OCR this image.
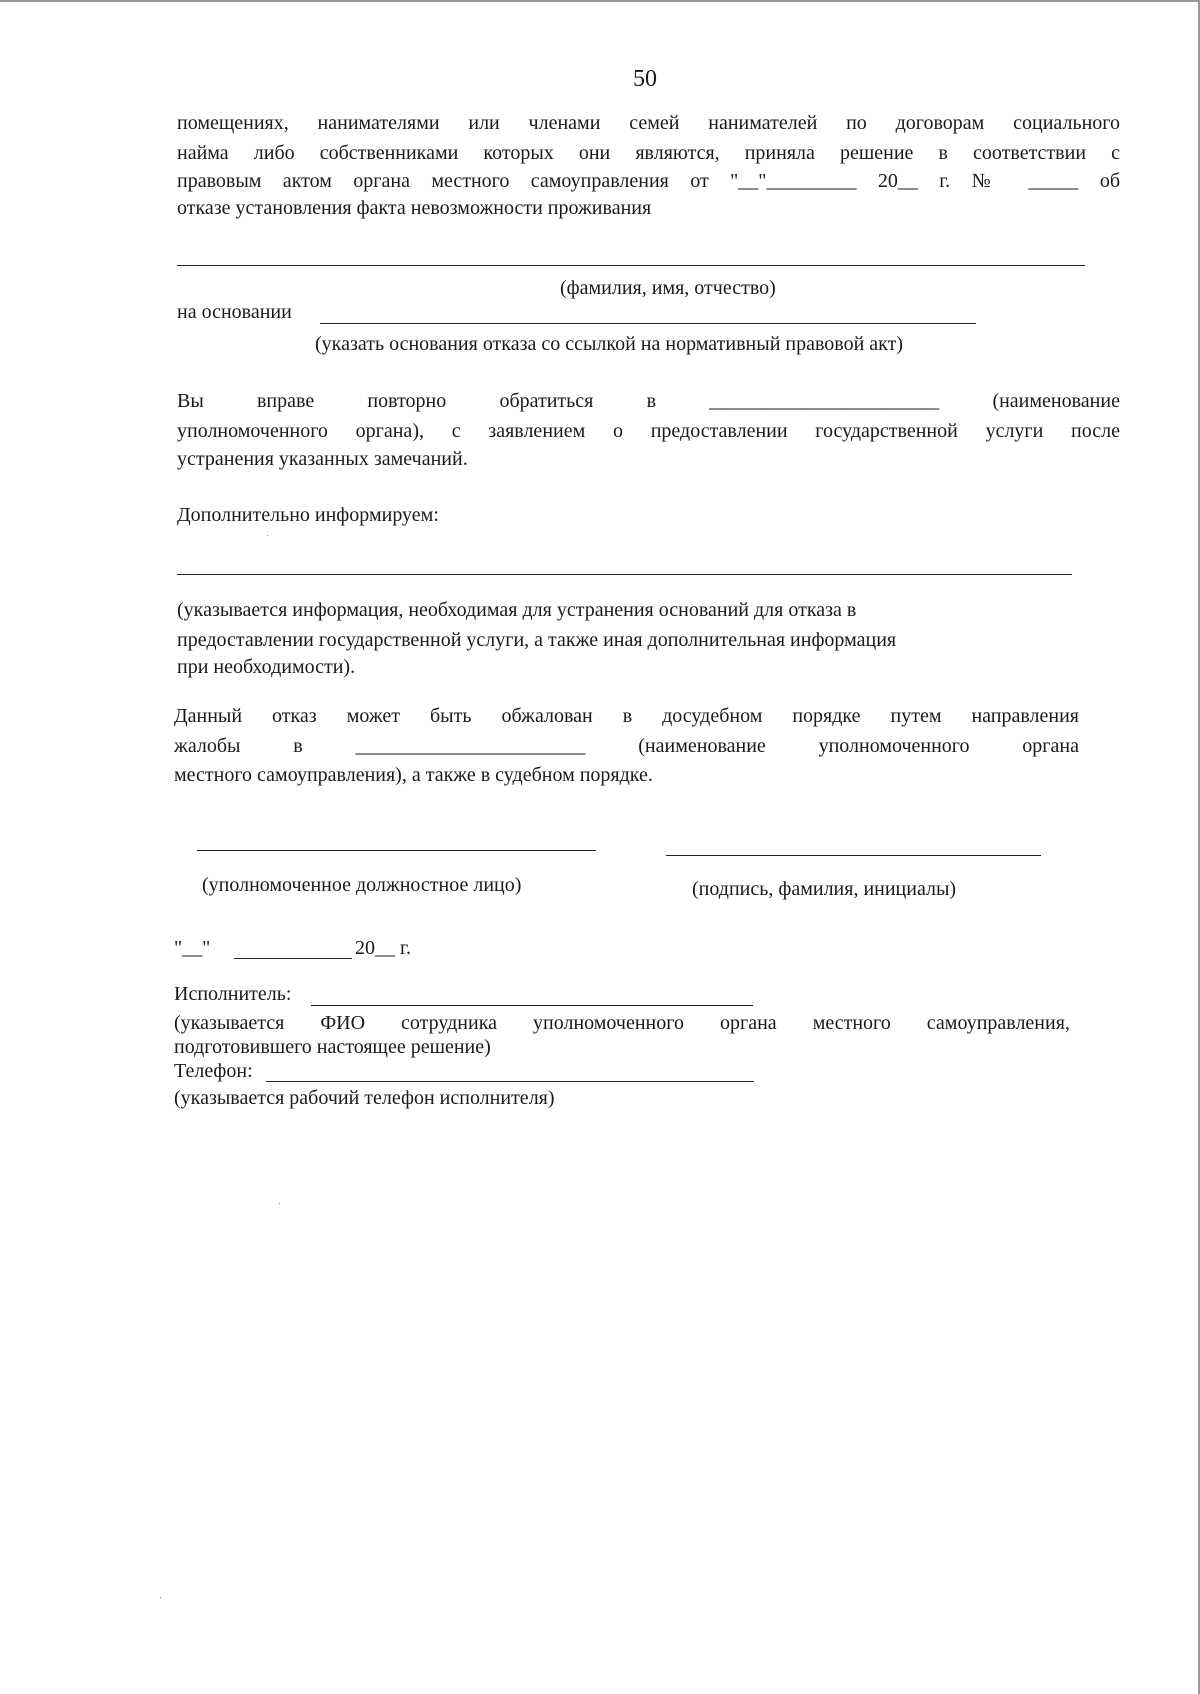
50
помещениях, нанимателями или членами семей нанимателей по договорам социального
найма либо собственниками которых они являются, приняла решение в соответствии с
правовым актом органа местного самоуправления от "__"_________ 20__ г. № _____ об
отказе установления факта невозможности проживания
(фамилия, имя, отчество)
на основании
(указать основания отказа со ссылкой на нормативный правовой акт)
Вы	вправе	повторно	обратиться	в	_______________________	(наименование
уполномоченного органа), с заявлением о предоставлении государственной услуги после
устранения указанных замечаний.
Дополнительно информируем:
(указывается информация, необходимая для устранения оснований для отказа в
предоставлении государственной услуги, а также иная дополнительная информация
при необходимости).
Данный отказ может быть обжалован в досудебном порядке путем направления
жалобы	в	_______________________	(наименование	уполномоченного	органа
местного самоуправления), а также в судебном порядке.
(уполномоченное должностное лицо)	(подпись, фамилия, инициалы)
"__"	20__ г.
Исполнитель:
(указывается ФИО сотрудника уполномоченного органа местного самоуправления,
подготовившего настоящее решение)
Телефон:
(указывается рабочий телефон исполнителя)
